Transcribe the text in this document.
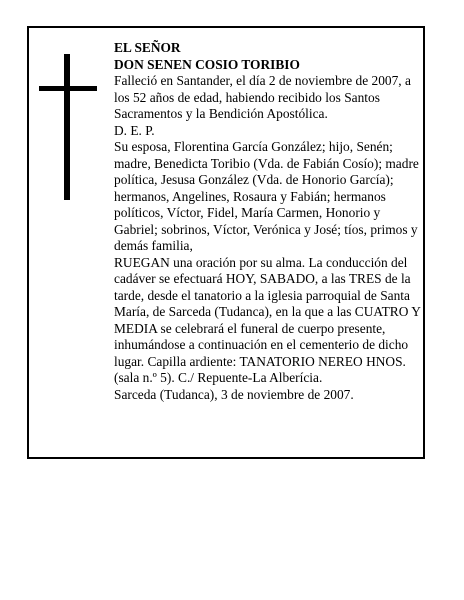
EL SEÑOR

DON SENEN COSIO TORIBIO

Falleció en Santander, el día 2 de noviembre de 2007, a los 52 años de edad, habiendo recibido los Santos Sacramentos y la Bendición Apostólica.

D. E. P.

Su esposa, Florentina García González; hijo, Senén; madre, Benedicta Toribio (Vda. de Fabián Cosío); madre política, Jesusa González (Vda. de Honorio García); hermanos, Angelines, Rosaura y Fabián; hermanos políticos, Víctor, Fidel, María Carmen, Honorio y Gabriel; sobrinos, Víctor, Verónica y José; tíos, primos y demás familia,

RUEGAN una oración por su alma. La conducción del cadáver se efectuará HOY, SABADO, a las TRES de la tarde, desde el tanatorio a la iglesia parroquial de Santa María, de Sarceda (Tudanca), en la que a las CUATRO Y MEDIA se celebrará el funeral de cuerpo presente, inhumándose a continuación en el cementerio de dicho lugar. Capilla ardiente: TANATORIO NEREO HNOS. (sala n.º 5). C./ Repuente-La Alberícia.

Sarceda (Tudanca), 3 de noviembre de 2007.
